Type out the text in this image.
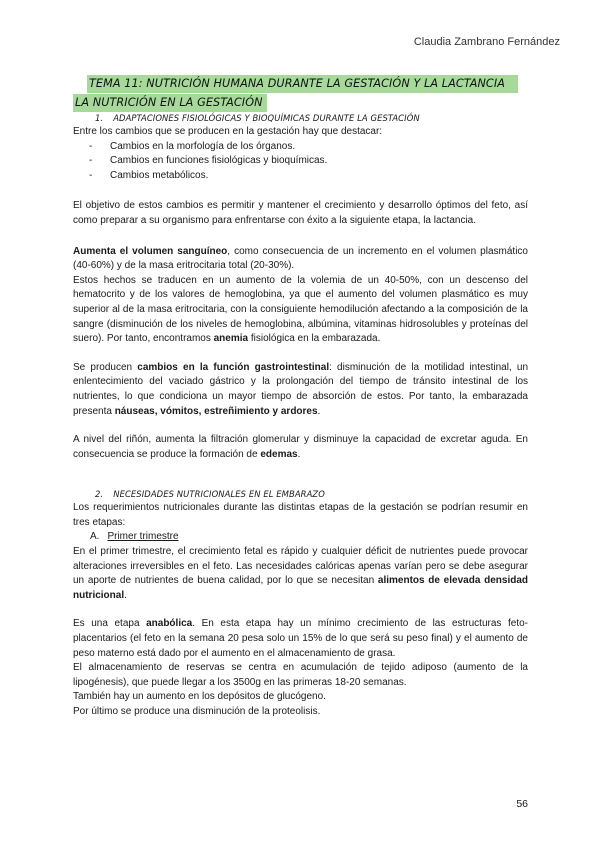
Claudia Zambrano Fernández
TEMA 11: NUTRICIÓN HUMANA DURANTE LA GESTACIÓN Y LA LACTANCIA
LA NUTRICIÓN EN LA GESTACIÓN
1. ADAPTACIONES FISIOLÓGICAS Y BIOQUÍMICAS DURANTE LA GESTACIÓN

Entre los cambios que se producen en la gestación hay que destacar:

- Cambios en la morfología de los órganos.
- Cambios en funciones fisiológicas y bioquímicas.
- Cambios metabólicos.

El objetivo de estos cambios es permitir y mantener el crecimiento y desarrollo óptimos del feto, así como preparar a su organismo para enfrentarse con éxito a la siguiente etapa, la lactancia.

Aumenta el volumen sanguíneo, como consecuencia de un incremento en el volumen plasmático (40-60%) y de la masa eritrocitaria total (20-30%).

Estos hechos se traducen en un aumento de la volemia de un 40-50%, con un descenso del hematocrito y de los valores de hemoglobina, ya que el aumento del volumen plasmático es muy superior al de la masa eritrocitaria, con la consiguiente hemodilución afectando a la composición de la sangre (disminución de los niveles de hemoglobina, albúmina, vitaminas hidrosolubles y proteínas del suero). Por tanto, encontramos anemia fisiológica en la embarazada.

Se producen cambios en la función gastrointestinal: disminución de la motilidad intestinal, un enlentecimiento del vaciado gástrico y la prolongación del tiempo de tránsito intestinal de los nutrientes, lo que condiciona un mayor tiempo de absorción de estos. Por tanto, la embarazada presenta náuseas, vómitos, estreñimiento y ardores.

A nivel del riñón, aumenta la filtración glomerular y disminuye la capacidad de excretar aguda. En consecuencia se produce la formación de edemas.

2. NECESIDADES NUTRICIONALES EN EL EMBARAZO

Los requerimientos nutricionales durante las distintas etapas de la gestación se podrían resumir en tres etapas:

A. Primer trimestre

En el primer trimestre, el crecimiento fetal es rápido y cualquier déficit de nutrientes puede provocar alteraciones irreversibles en el feto. Las necesidades calóricas apenas varían pero se debe asegurar un aporte de nutrientes de buena calidad, por lo que se necesitan alimentos de elevada densidad nutricional.

Es una etapa anabólica. En esta etapa hay un mínimo crecimiento de las estructuras feto-placentarios (el feto en la semana 20 pesa solo un 15% de lo que será su peso final) y el aumento de peso materno está dado por el aumento en el almacenamiento de grasa.

El almacenamiento de reservas se centra en acumulación de tejido adiposo (aumento de la lipogénesis), que puede llegar a los 3500g en las primeras 18-20 semanas.

También hay un aumento en los depósitos de glucógeno.

Por último se produce una disminución de la proteolisis.

56
